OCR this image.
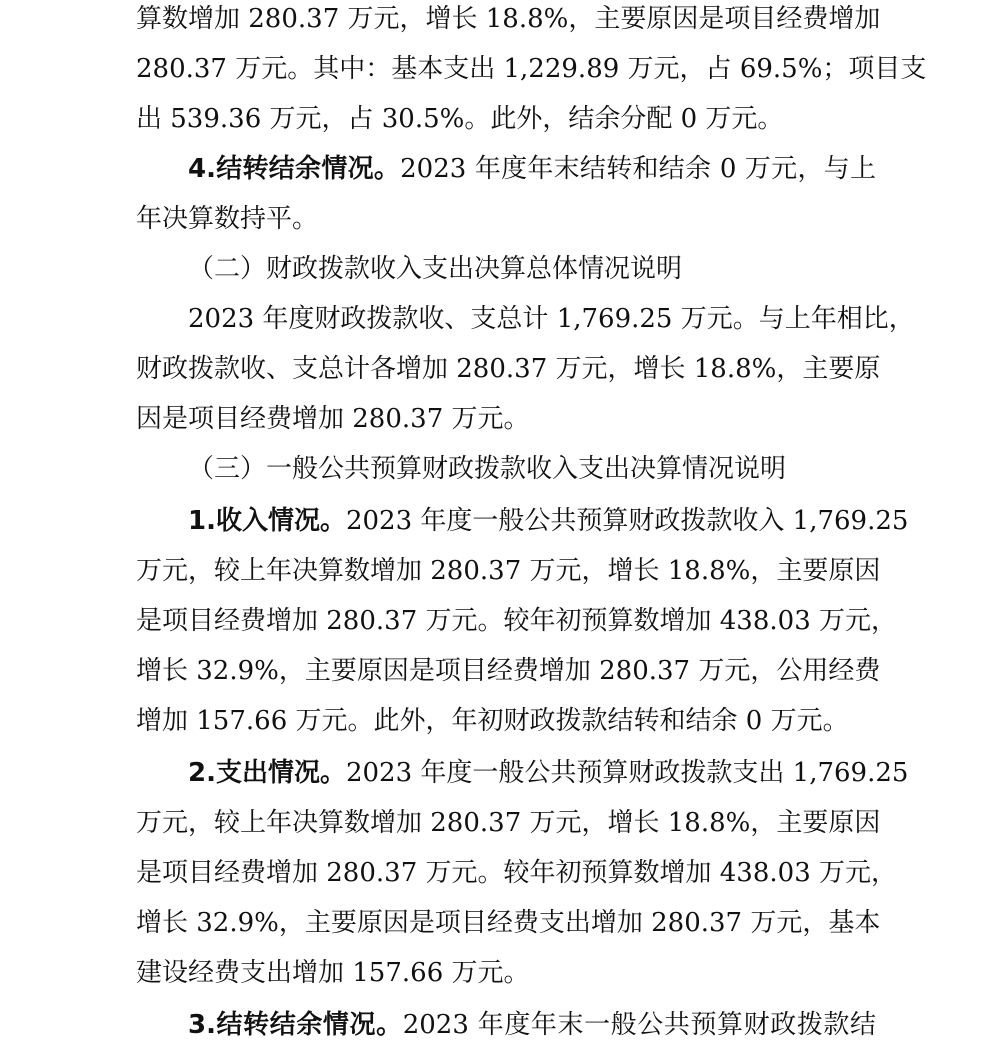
算数增加 280.37 万元，增长 18.8%，主要原因是项目经费增加
280.37 万元。其中：基本支出 1,229.89 万元，占 69.5%；项目支
出 539.36 万元，占 30.5%。此外，结余分配 0 万元。
4.结转结余情况。2023 年度年末结转和结余 0 万元，与上
年决算数持平。
（二）财政拨款收入支出决算总体情况说明
2023 年度财政拨款收、支总计 1,769.25 万元。与上年相比，
财政拨款收、支总计各增加 280.37 万元，增长 18.8%，主要原
因是项目经费增加 280.37 万元。
（三）一般公共预算财政拨款收入支出决算情况说明
1.收入情况。2023 年度一般公共预算财政拨款收入 1,769.25
万元，较上年决算数增加 280.37 万元，增长 18.8%，主要原因
是项目经费增加 280.37 万元。较年初预算数增加 438.03 万元，
增长 32.9%，主要原因是项目经费增加 280.37 万元，公用经费
增加 157.66 万元。此外，年初财政拨款结转和结余 0 万元。
2.支出情况。2023 年度一般公共预算财政拨款支出 1,769.25
万元，较上年决算数增加 280.37 万元，增长 18.8%，主要原因
是项目经费增加 280.37 万元。较年初预算数增加 438.03 万元，
增长 32.9%，主要原因是项目经费支出增加 280.37 万元，基本
建设经费支出增加 157.66 万元。
3.结转结余情况。2023 年度年末一般公共预算财政拨款结
